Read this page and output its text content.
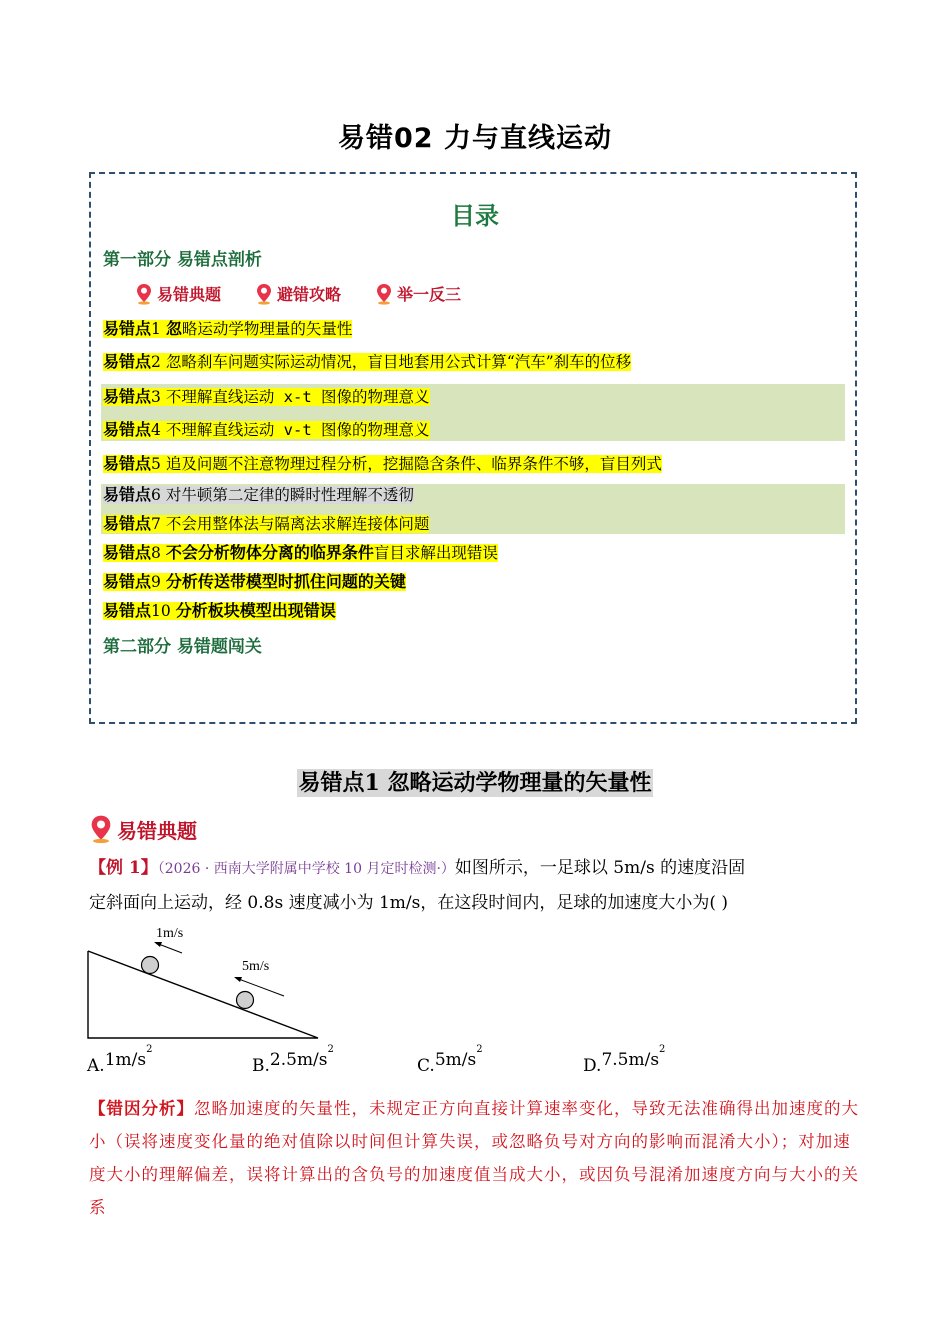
易错02 力与直线运动
目录
第一部分 易错点剖析
易错典题	避错攻略	举一反三
易错点1 忽略运动学物理量的矢量性
易错点2 忽略刹车问题实际运动情况，盲目地套用公式计算“汽车”刹车的位移
易错点3 不理解直线运动 x-t 图像的物理意义
易错点4 不理解直线运动 v-t 图像的物理意义
易错点5 追及问题不注意物理过程分析，挖掘隐含条件、临界条件不够，盲目列式
易错点6 对牛顿第二定律的瞬时性理解不透彻
易错点7 不会用整体法与隔离法求解连接体问题
易错点8 不会分析物体分离的临界条件盲目求解出现错误
易错点9 分析传送带模型时抓住问题的关键
易错点10 分析板块模型出现错误
第二部分 易错题闯关
易错点1 忽略运动学物理量的矢量性
易错典题
【例 1】（2026 · 西南大学附属中学校 10 月定时检测·）如图所示，一足球以 5m/s 的速度沿固
定斜面向上运动，经 0.8s 速度减小为 1m/s，在这段时间内，足球的加速度大小为( )
1m/s
5m/s
$A.1m/s^2$
$B.2.5m/s^2$
$C.5m/s^2$
$D.7.5m/s^2$
【错因分析】忽略加速度的矢量性，未规定正方向直接计算速率变化，导致无法准确得出加速度的大小（误将速度变化量的绝对值除以时间但计算失误，或忽略负号对方向的影响而混淆大小）；对加速度大小的理解偏差，误将计算出的含负号的加速度值当成大小，或因负号混淆加速度方向与大小的关系
